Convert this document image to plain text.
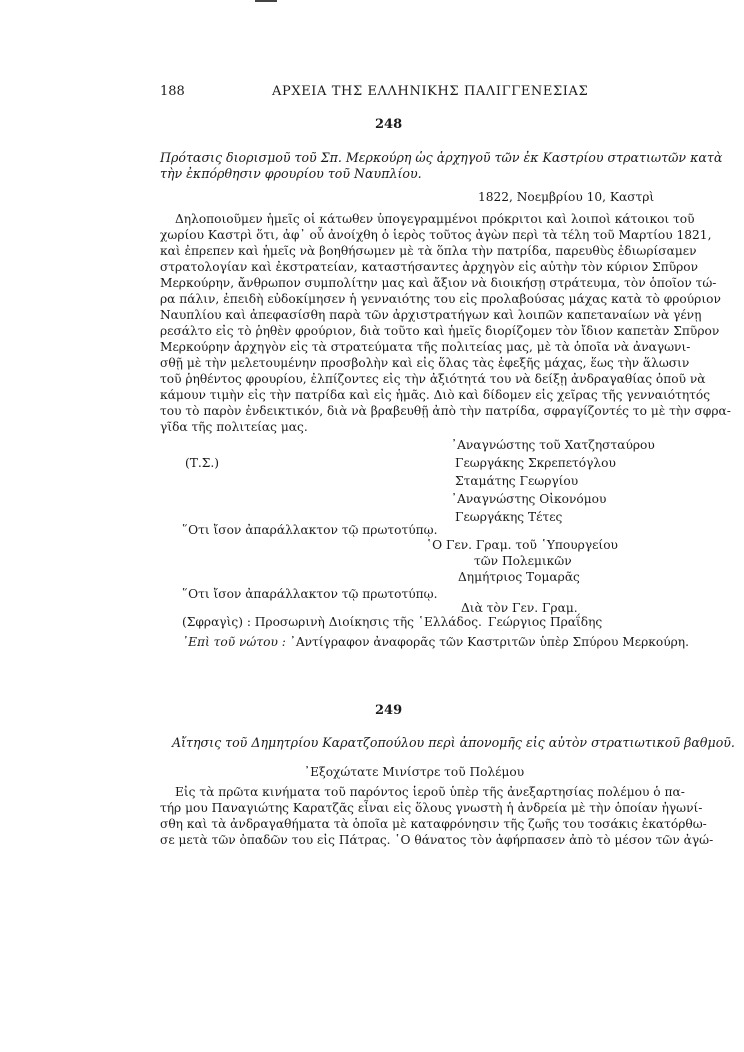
188	ΑΡΧΕΙΑ ΤΗΣ ΕΛΛΗΝΙΚΗΣ ΠΑΛΙΓΓΕΝΕΣΙΑΣ
248
Πρότασις διορισμοῦ τοῦ Σπ. Μερκούρη ὡς ἀρχηγοῦ τῶν ἐκ Καστρίου στρατιωτῶν κατὰ
τὴν ἐκπόρθησιν φρουρίου τοῦ Ναυπλίου.
1822, Νοεμβρίου 10, Καστρὶ
Δηλοποιοῦμεν ἡμεῖς οἱ κάτωθεν ὑπογεγραμμένοι πρόκριτοι καὶ λοιποὶ κάτοικοι τοῦ
χωρίου Καστρὶ ὅτι, ἀφ᾽ οὗ ἀνοίχθη ὁ ἱερὸς τοῦτος ἀγὼν περὶ τὰ τέλη τοῦ Μαρτίου 1821,
καὶ ἐπρεπεν καὶ ἡμεῖς νὰ βοηθήσωμεν μὲ τὰ ὅπλα τὴν πατρίδα, παρευθὺς ἐδιωρίσαμεν
στρατολογίαν καὶ ἐκστρατείαν, καταστήσαντες ἀρχηγὸν εἰς αὐτὴν τὸν κύριον Σπῦρον
Μερκούρην, ἄνθρωπον συμπολίτην μας καὶ ἄξιον νὰ διοικήσῃ στράτευμα, τὸν ὁποῖον τώ-
ρα πάλιν, ἐπειδὴ εὐδοκίμησεν ἡ γενναιότης του εἰς προλαβούσας μάχας κατὰ τὸ φρούριον
Ναυπλίου καὶ ἀπεφασίσθη παρὰ τῶν ἀρχιστρατήγων καὶ λοιπῶν καπεταναίων νὰ γένῃ
ρεσάλτο εἰς τὸ ῥηθὲν φρούριον, διὰ τοῦτο καὶ ἡμεῖς διορίζομεν τὸν ἴδιον καπετὰν Σπῦρον
Μερκούρην ἀρχηγὸν εἰς τὰ στρατεύματα τῆς πολιτείας μας, μὲ τὰ ὁποῖα νὰ ἀναγωνι-
σθῇ μὲ τὴν μελετουμένην προσβολὴν καὶ εἰς ὅλας τὰς ἐφεξῆς μάχας, ἕως τὴν ἅλωσιν
τοῦ ῥηθέντος φρουρίου, ἐλπίζοντες εἰς τὴν ἀξιότητά του νὰ δείξῃ ἀνδραγαθίας ὁποῦ νὰ
κάμουν τιμὴν εἰς τὴν πατρίδα καὶ εἰς ἡμᾶς. Διὸ καὶ δίδομεν εἰς χεῖρας τῆς γενναιότητός
του τὸ παρὸν ἐνδεικτικόν, διὰ νὰ βραβευθῇ ἀπὸ τὴν πατρίδα, σφραγίζοντές το μὲ τὴν σφρα-
γῖδα τῆς πολιτείας μας.
᾽Αναγνώστης τοῦ Χατζησταύρου
(Τ.Σ.)	Γεωργάκης Σκρεπετόγλου
Σταμάτης Γεωργίου
᾽Αναγνώστης Οἰκονόμου
Γεωργάκης Τέτες
῞Οτι ἴσον ἀπαράλλακτον τῷ πρωτοτύπῳ.
῾Ο Γεν. Γραμ. τοῦ ῾Υπουργείου
τῶν Πολεμικῶν
Δημήτριος Τομαρᾶς
῞Οτι ἴσον ἀπαράλλακτον τῷ πρωτοτύπῳ.
Διὰ τὸν Γεν. Γραμ.
(Σφραγὶς) : Προσωρινὴ Διοίκησις τῆς ῾Ελλάδος. Γεώργιος Πραΐδης
᾽Επὶ τοῦ νώτου : ᾽Αντίγραφον ἀναφορᾶς τῶν Καστριτῶν ὑπὲρ Σπύρου Μερκούρη.
249
Αἴτησις τοῦ Δημητρίου Καρατζοπούλου περὶ ἀπονομῆς εἰς αὐτὸν στρατιωτικοῦ βαθμοῦ.
᾽Εξοχώτατε Μινίστρε τοῦ Πολέμου
Εἰς τὰ πρῶτα κινήματα τοῦ παρόντος ἱεροῦ ὑπὲρ τῆς ἀνεξαρτησίας πολέμου ὁ πα-
τήρ μου Παναγιώτης Καρατζᾶς εἶναι εἰς ὅλους γνωστὴ ἡ ἀνδρεία μὲ τὴν ὁποίαν ἠγωνί-
σθη καὶ τὰ ἀνδραγαθήματα τὰ ὁποῖα μὲ καταφρόνησιν τῆς ζωῆς του τοσάκις ἐκατόρθω-
σε μετὰ τῶν ὀπαδῶν του εἰς Πάτρας. ῾Ο θάνατος τὸν ἀφήρπασεν ἀπὸ τὸ μέσον τῶν ἀγώ-
